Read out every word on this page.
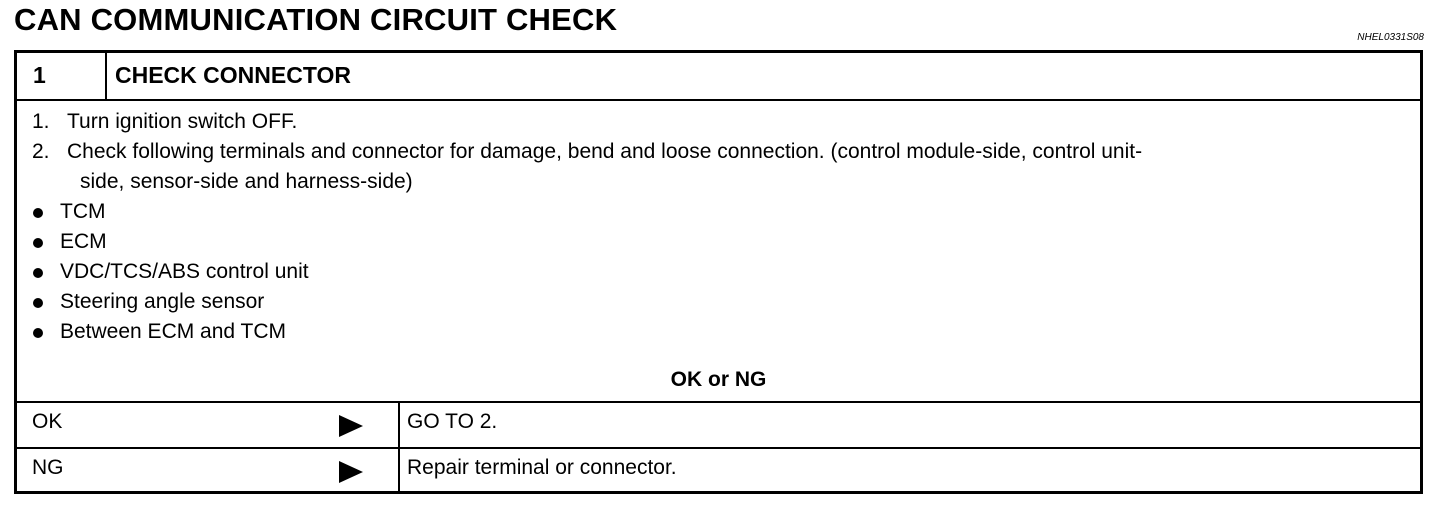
CAN COMMUNICATION CIRCUIT CHECK
NHEL0331S08
1	CHECK CONNECTOR
1. Turn ignition switch OFF.
2. Check following terminals and connector for damage, bend and loose connection. (control module-side, control unit-
side, sensor-side and harness-side)
TCM
ECM
VDC/TCS/ABS control unit
Steering angle sensor
Between ECM and TCM
OK or NG
OK	GO TO 2.
NG	Repair terminal or connector.
